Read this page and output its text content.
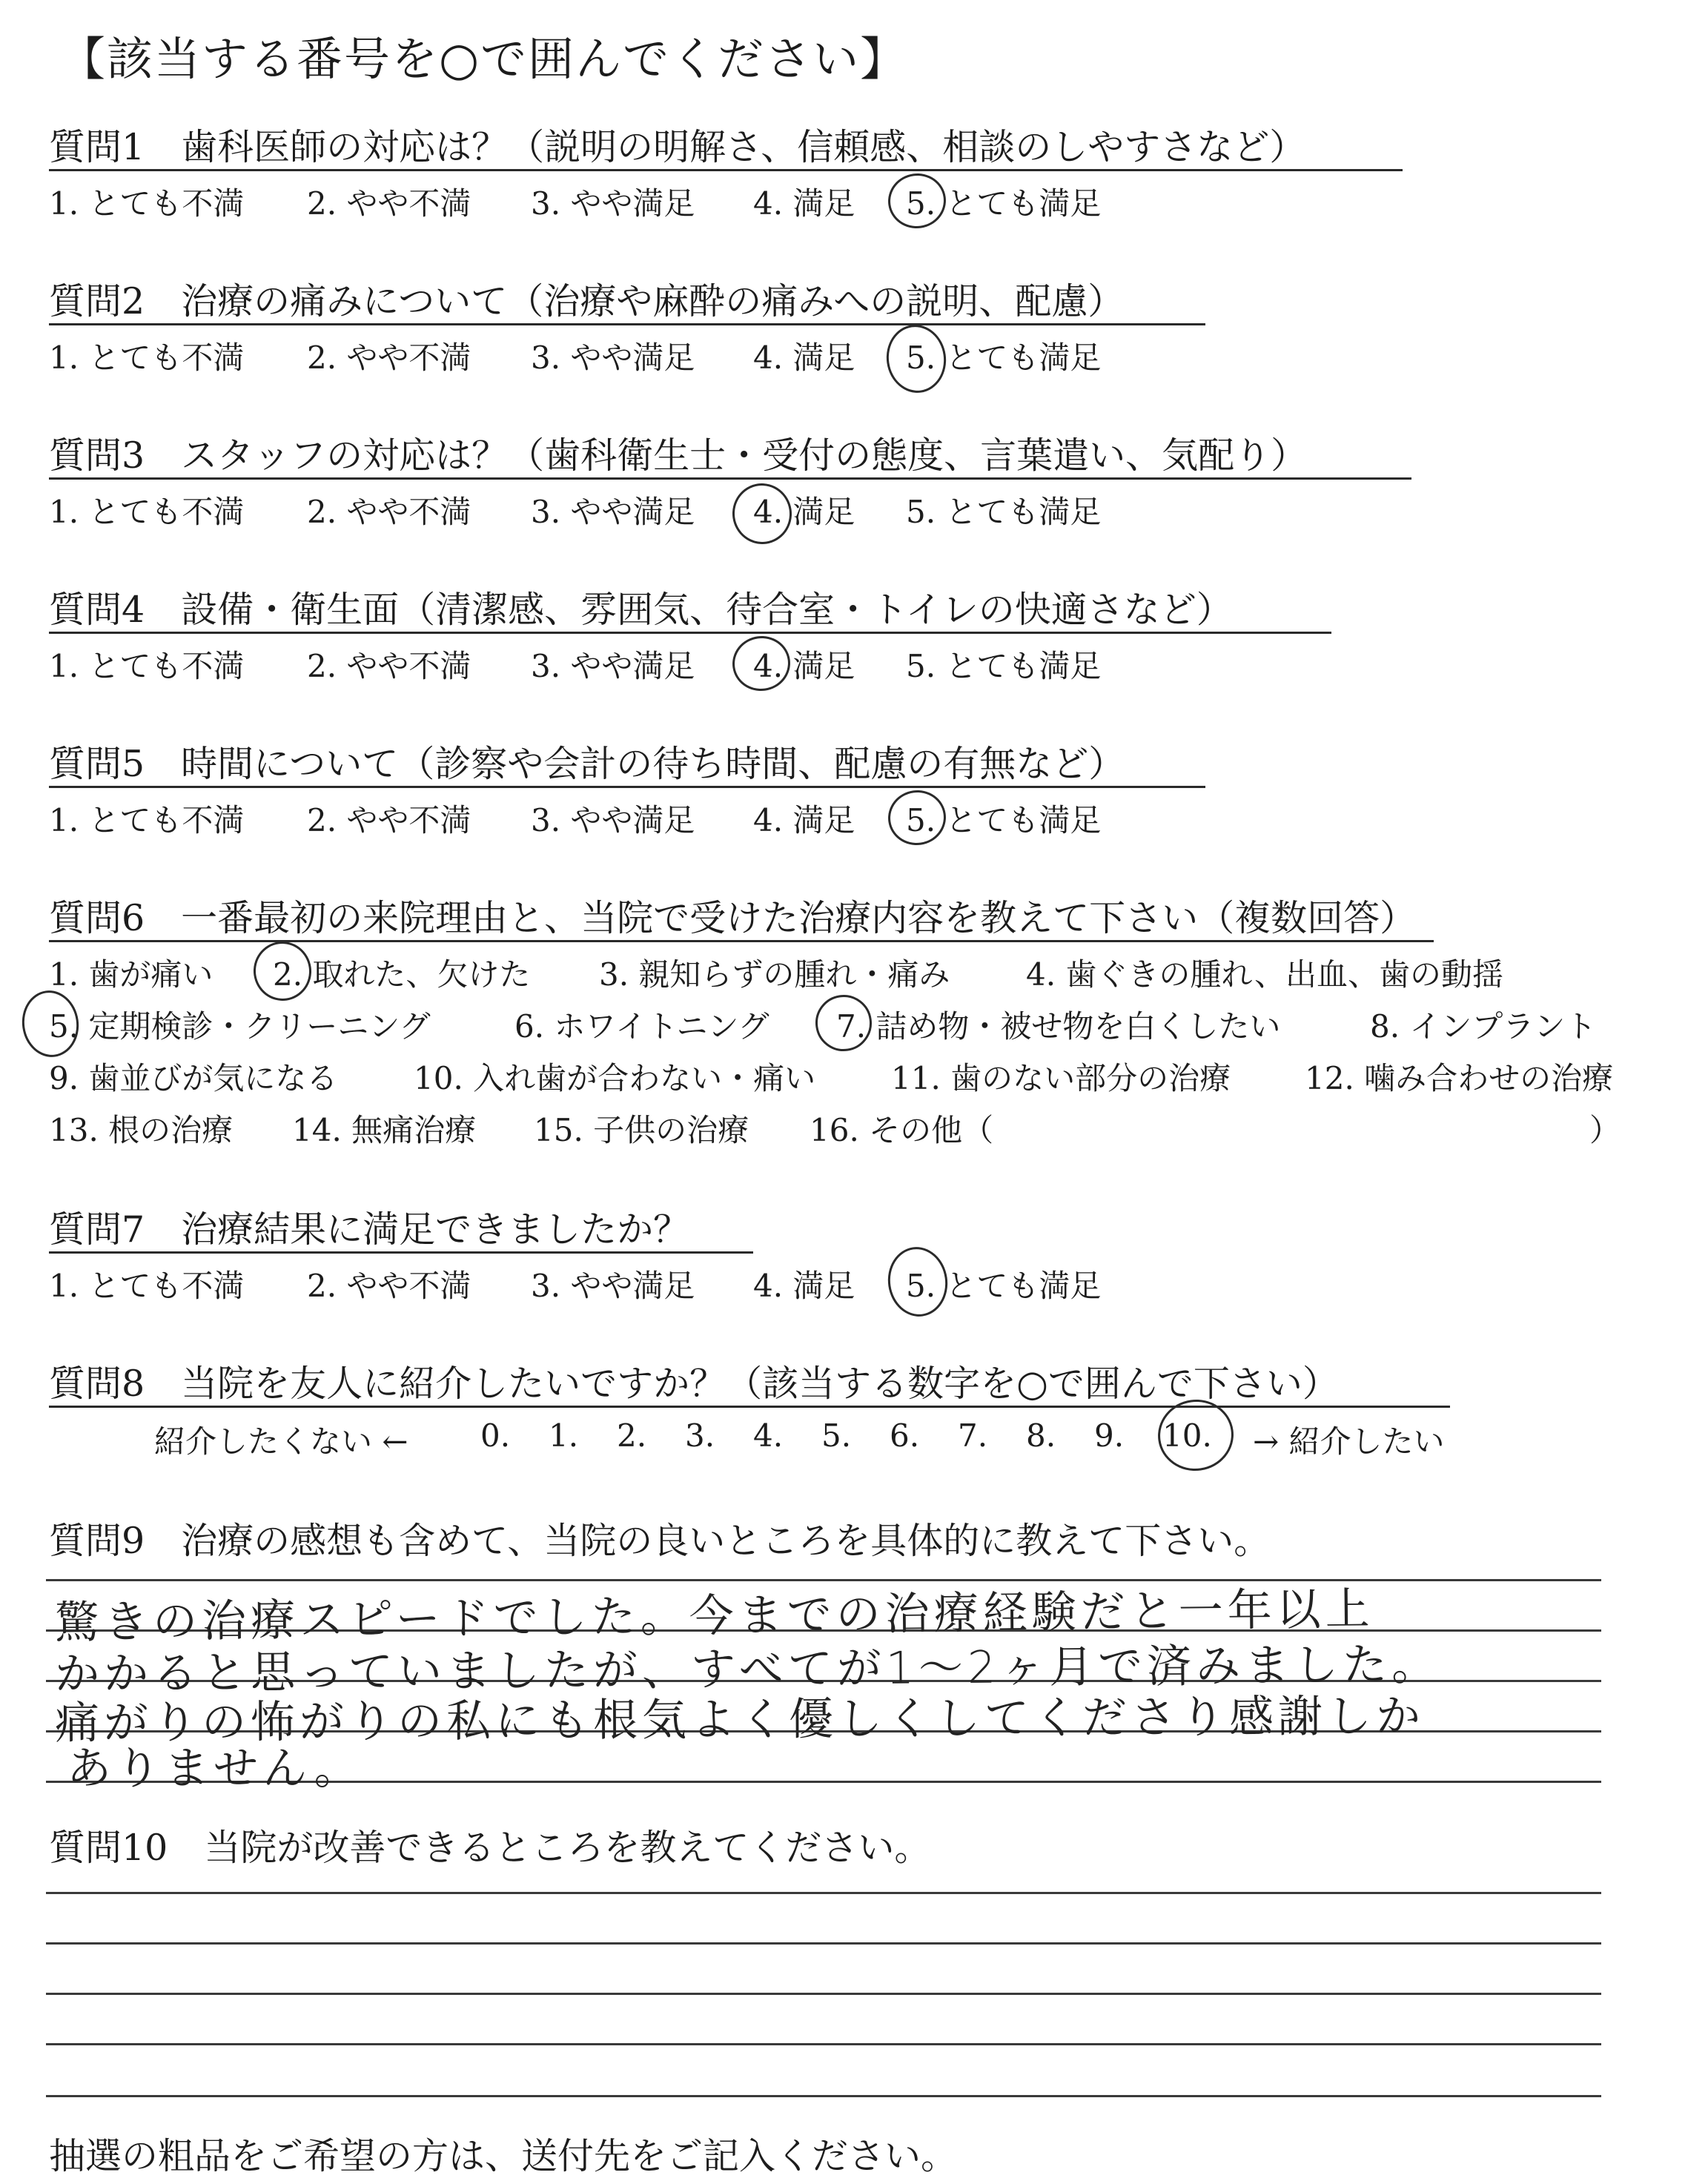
【該当する番号を○で囲んでください】
質問1　歯科医師の対応は？（説明の明解さ、信頼感、相談のしやすさなど）
1. とても不満 2. やや不満 3. やや満足 4. 満足 5. とても満足
質問2　治療の痛みについて（治療や麻酔の痛みへの説明、配慮）
1. とても不満 2. やや不満 3. やや満足 4. 満足 5. とても満足
質問3　スタッフの対応は？（歯科衛生士・受付の態度、言葉遣い、気配り）
1. とても不満 2. やや不満 3. やや満足 4. 満足 5. とても満足
質問4　設備・衛生面（清潔感、雰囲気、待合室・トイレの快適さなど）
1. とても不満 2. やや不満 3. やや満足 4. 満足 5. とても満足
質問5　時間について（診察や会計の待ち時間、配慮の有無など）
1. とても不満 2. やや不満 3. やや満足 4. 満足 5. とても満足
質問6　一番最初の来院理由と、当院で受けた治療内容を教えて下さい（複数回答）
1. 歯が痛い 2. 取れた、欠けた 3. 親知らずの腫れ・痛み 4. 歯ぐきの腫れ、出血、歯の動揺
5. 定期検診・クリーニング	6. ホワイトニング 7. 詰め物・被せ物を白くしたい	8. インプラント
9. 歯並びが気になる 10. 入れ歯が合わない・痛い 11. 歯のない部分の治療 12. 噛み合わせの治療
13. 根の治療 14. 無痛治療 15. 子供の治療 16. その他（	）
質問7　治療結果に満足できましたか？
1. とても不満 2. やや不満 3. やや満足 4. 満足 5. とても満足
質問8　当院を友人に紹介したいですか？（該当する数字を○で囲んで下さい）
紹介したくない ← 0. 1. 2. 3. 4. 5. 6. 7. 8. 9. 10. → 紹介したい
質問9　治療の感想も含めて、当院の良いところを具体的に教えて下さい。
驚きの治療スピードでした。今までの治療経験だと一年以上
かかると思っていましたが、すべてが1〜2ヶ月で済みました。
痛がりの怖がりの私にも根気よく優しくしてくださり感謝しか
ありません。
質問10　当院が改善できるところを教えてください。
抽選の粗品をご希望の方は、送付先をご記入ください。
